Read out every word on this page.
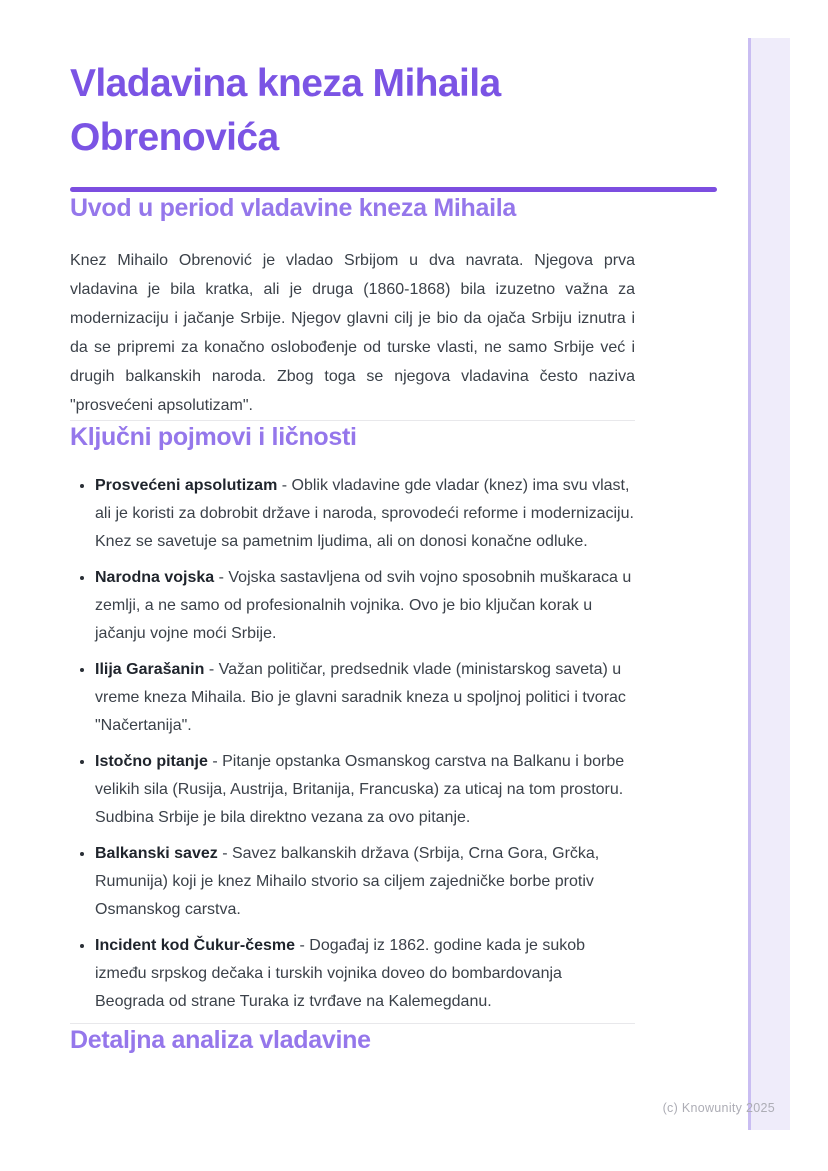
Vladavina kneza Mihaila Obrenovića
Uvod u period vladavine kneza Mihaila

Knez Mihailo Obrenović je vladao Srbijom u dva navrata. Njegova prva vladavina je bila kratka, ali je druga (1860-1868) bila izuzetno važna za modernizaciju i jačanje Srbije. Njegov glavni cilj je bio da ojača Srbiju iznutra i da se pripremi za konačno oslobođenje od turske vlasti, ne samo Srbije već i drugih balkanskih naroda. Zbog toga se njegova vladavina često naziva "prosvećeni apsolutizam".

Ključni pojmovi i ličnosti
• Prosvećeni apsolutizam - Oblik vladavine gde vladar (knez) ima svu vlast, ali je koristi za dobrobit države i naroda, sprovodeći reforme i modernizaciju. Knez se savetuje sa pametnim ljudima, ali on donosi konačne odluke.
• Narodna vojska - Vojska sastavljena od svih vojno sposobnih muškaraca u zemlji, a ne samo od profesionalnih vojnika. Ovo je bio ključan korak u jačanju vojne moći Srbije.
• Ilija Garašanin - Važan političar, predsednik vlade (ministarskog saveta) u vreme kneza Mihaila. Bio je glavni saradnik kneza u spoljnoj politici i tvorac "Načertanija".
• Istočno pitanje - Pitanje opstanka Osmanskog carstva na Balkanu i borbe velikih sila (Rusija, Austrija, Britanija, Francuska) za uticaj na tom prostoru. Sudbina Srbije je bila direktno vezana za ovo pitanje.
• Balkanski savez - Savez balkanskih država (Srbija, Crna Gora, Grčka, Rumunija) koji je knez Mihailo stvorio sa ciljem zajedničke borbe protiv Osmanskog carstva.
• Incident kod Čukur-česme - Događaj iz 1862. godine kada je sukob između srpskog dečaka i turskih vojnika doveo do bombardovanja Beograda od strane Turaka iz tvrđave na Kalemegdanu.
Detaljna analiza vladavine
(c) Knowunity 2025
